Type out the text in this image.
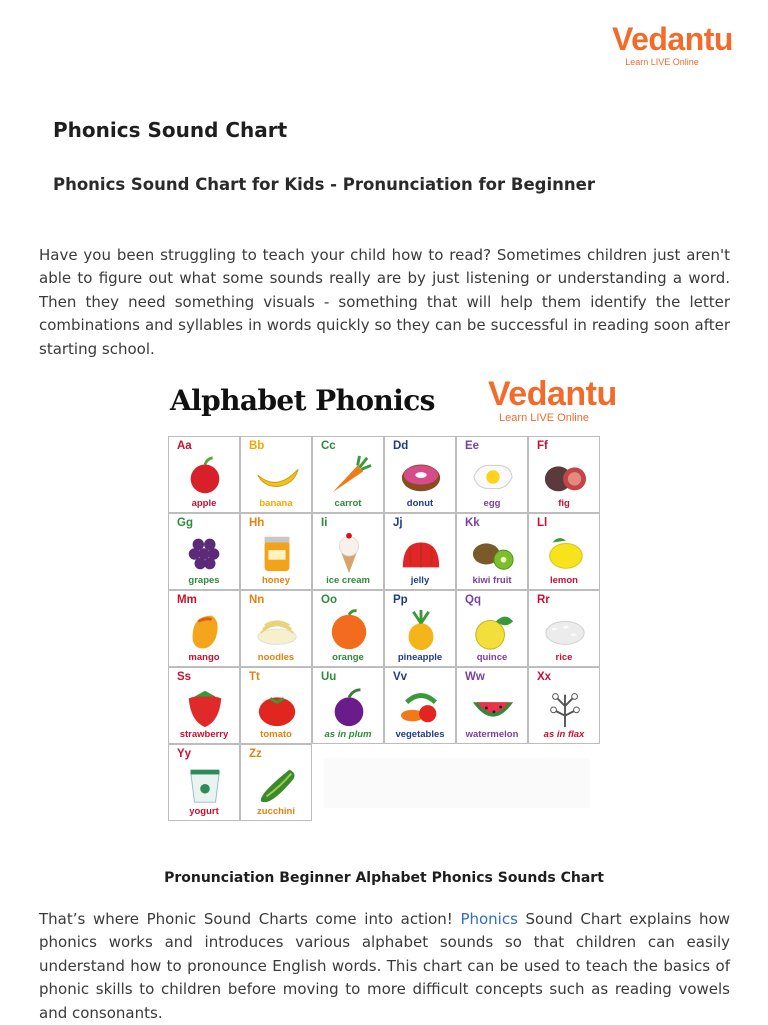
Vedantu
Learn LIVE Online
Phonics Sound Chart
Phonics Sound Chart for Kids - Pronunciation for Beginner

Have you been struggling to teach your child how to read? Sometimes children just aren't able to figure out what some sounds really are by just listening or understanding a word. Then they need something visuals - something that will help them identify the letter combinations and syllables in words quickly so they can be successful in reading soon after starting school.

Alphabet Phonics Vedantu
Learn LIVE Online
Aa
apple
Bb
banana
Cc
carrot
Dd
donut
Ee
egg
Ff
fig
Gg
grapes
Hh
honey
Ii
ice cream
Jj
jelly
Kk
kiwi fruit
Ll
lemon
Mm
mango
Nn
noodles
Oo
orange
Pp
pineapple
Qq
quince
Rr
rice
Ss
strawberry
Tt
tomato
Uu
as in plum
Vv
vegetables
Ww
watermelon
Xx
as in flax
Yy
yogurt
Zz
zucchini

Pronunciation Beginner Alphabet Phonics Sounds Chart

That’s where Phonic Sound Charts come into action! Phonics Sound Chart explains how phonics works and introduces various alphabet sounds so that children can easily understand how to pronounce English words. This chart can be used to teach the basics of phonic skills to children before moving to more difficult concepts such as reading vowels and consonants.
